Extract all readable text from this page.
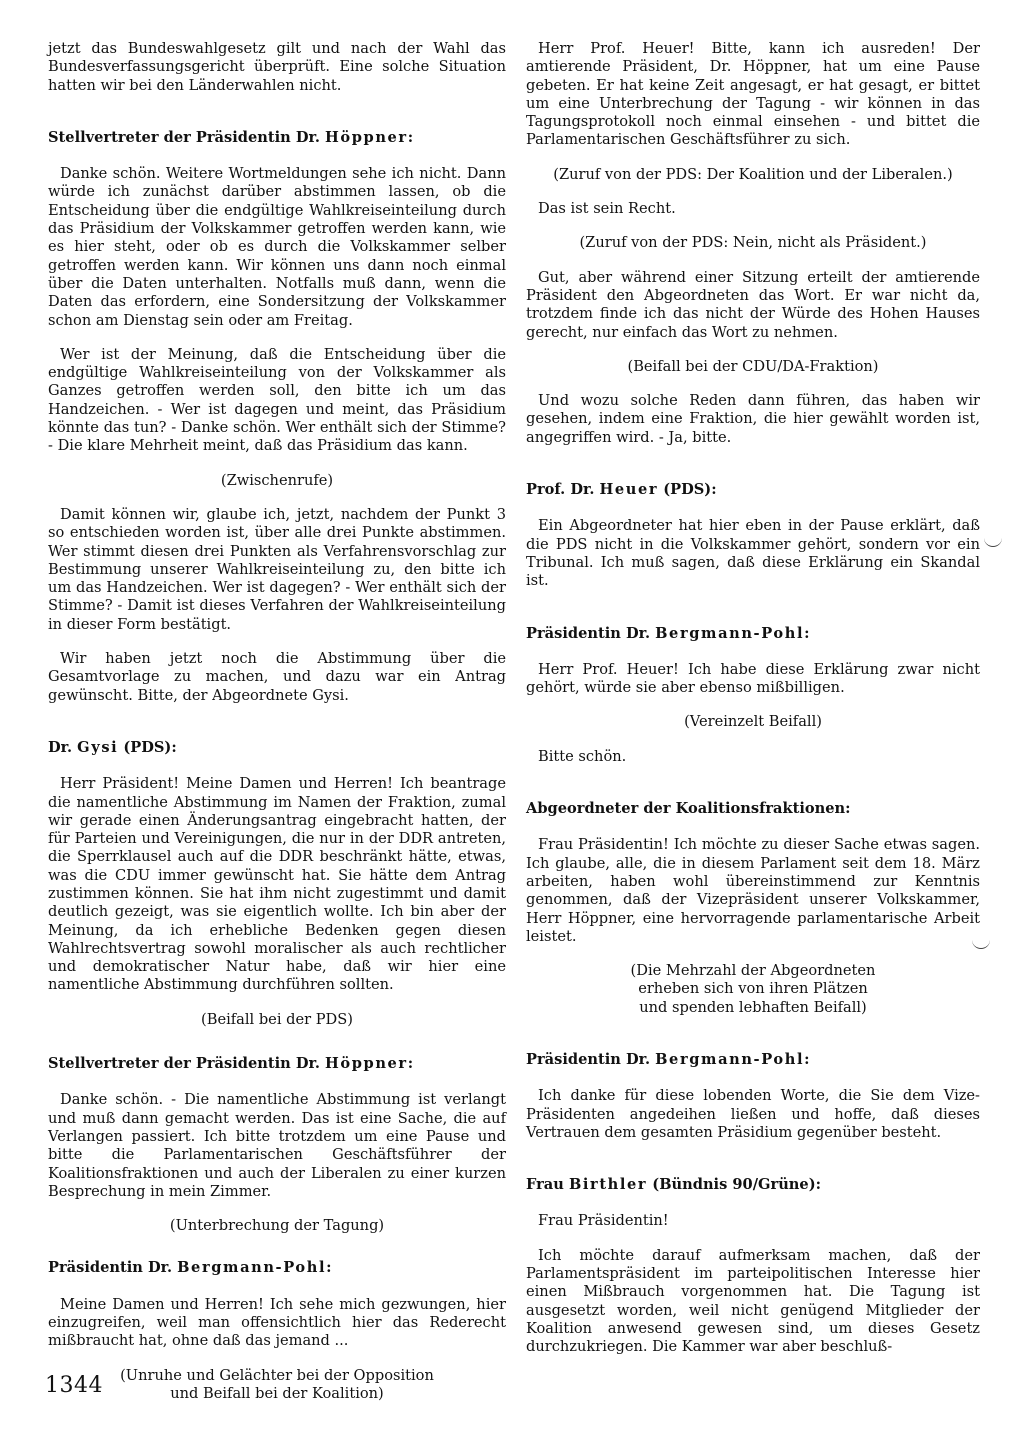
jetzt das Bundeswahlgesetz gilt und nach der Wahl das Bundesverfassungsgericht überprüft. Eine solche Situation hatten wir bei den Länderwahlen nicht.

Stellvertreter der Präsidentin Dr. Höppner:

Danke schön. Weitere Wortmeldungen sehe ich nicht. Dann würde ich zunächst darüber abstimmen lassen, ob die Entscheidung über die endgültige Wahlkreiseinteilung durch das Präsidium der Volkskammer getroffen werden kann, wie es hier steht, oder ob es durch die Volkskammer selber getroffen werden kann. Wir können uns dann noch einmal über die Daten unterhalten. Notfalls muß dann, wenn die Daten das erfordern, eine Sondersitzung der Volkskammer schon am Dienstag sein oder am Freitag.

Wer ist der Meinung, daß die Entscheidung über die endgültige Wahlkreiseinteilung von der Volkskammer als Ganzes getroffen werden soll, den bitte ich um das Handzeichen. - Wer ist dagegen und meint, das Präsidium könnte das tun? - Danke schön. Wer enthält sich der Stimme? - Die klare Mehrheit meint, daß das Präsidium das kann.

(Zwischenrufe)

Damit können wir, glaube ich, jetzt, nachdem der Punkt 3 so entschieden worden ist, über alle drei Punkte abstimmen. Wer stimmt diesen drei Punkten als Verfahrensvorschlag zur Bestimmung unserer Wahlkreiseinteilung zu, den bitte ich um das Handzeichen. Wer ist dagegen? - Wer enthält sich der Stimme? - Damit ist dieses Verfahren der Wahlkreiseinteilung in dieser Form bestätigt.

Wir haben jetzt noch die Abstimmung über die Gesamtvorlage zu machen, und dazu war ein Antrag gewünscht. Bitte, der Abgeordnete Gysi.

Dr. Gysi (PDS):

Herr Präsident! Meine Damen und Herren! Ich beantrage die namentliche Abstimmung im Namen der Fraktion, zumal wir gerade einen Änderungsantrag eingebracht hatten, der für Parteien und Vereinigungen, die nur in der DDR antreten, die Sperrklausel auch auf die DDR beschränkt hätte, etwas, was die CDU immer gewünscht hat. Sie hätte dem Antrag zustimmen können. Sie hat ihm nicht zugestimmt und damit deutlich gezeigt, was sie eigentlich wollte. Ich bin aber der Meinung, da ich erhebliche Bedenken gegen diesen Wahlrechtsvertrag sowohl moralischer als auch rechtlicher und demokratischer Natur habe, daß wir hier eine namentliche Abstimmung durchführen sollten.

(Beifall bei der PDS)

Stellvertreter der Präsidentin Dr. Höppner:

Danke schön. - Die namentliche Abstimmung ist verlangt und muß dann gemacht werden. Das ist eine Sache, die auf Verlangen passiert. Ich bitte trotzdem um eine Pause und bitte die Parlamentarischen Geschäftsführer der Koalitionsfraktionen und auch der Liberalen zu einer kurzen Besprechung in mein Zimmer.

(Unterbrechung der Tagung)

Präsidentin Dr. Bergmann-Pohl:

Meine Damen und Herren! Ich sehe mich gezwungen, hier einzugreifen, weil man offensichtlich hier das Rederecht mißbraucht hat, ohne daß das jemand ...

(Unruhe und Gelächter bei der Opposition

und Beifall bei der Koalition)

Herr Prof. Heuer! Bitte, kann ich ausreden! Der amtierende Präsident, Dr. Höppner, hat um eine Pause gebeten. Er hat keine Zeit angesagt, er hat gesagt, er bittet um eine Unterbrechung der Tagung - wir können in das Tagungsprotokoll noch einmal einsehen - und bittet die Parlamentarischen Geschäftsführer zu sich.

(Zuruf von der PDS: Der Koalition und der Liberalen.)

Das ist sein Recht.

(Zuruf von der PDS: Nein, nicht als Präsident.)

Gut, aber während einer Sitzung erteilt der amtierende Präsident den Abgeordneten das Wort. Er war nicht da, trotzdem finde ich das nicht der Würde des Hohen Hauses gerecht, nur einfach das Wort zu nehmen.

(Beifall bei der CDU/DA-Fraktion)

Und wozu solche Reden dann führen, das haben wir gesehen, indem eine Fraktion, die hier gewählt worden ist, angegriffen wird. - Ja, bitte.

Prof. Dr. Heuer (PDS):

Ein Abgeordneter hat hier eben in der Pause erklärt, daß die PDS nicht in die Volkskammer gehört, sondern vor ein Tribunal. Ich muß sagen, daß diese Erklärung ein Skandal ist.

Präsidentin Dr. Bergmann-Pohl:

Herr Prof. Heuer! Ich habe diese Erklärung zwar nicht gehört, würde sie aber ebenso mißbilligen.

(Vereinzelt Beifall)

Bitte schön.

Abgeordneter der Koalitionsfraktionen:

Frau Präsidentin! Ich möchte zu dieser Sache etwas sagen. Ich glaube, alle, die in diesem Parlament seit dem 18. März arbeiten, haben wohl übereinstimmend zur Kenntnis genommen, daß der Vizepräsident unserer Volkskammer, Herr Höppner, eine hervorragende parlamentarische Arbeit leistet.

(Die Mehrzahl der Abgeordneten

erheben sich von ihren Plätzen

und spenden lebhaften Beifall)

Präsidentin Dr. Bergmann-Pohl:

Ich danke für diese lobenden Worte, die Sie dem Vize-Präsidenten angedeihen ließen und hoffe, daß dieses Vertrauen dem gesamten Präsidium gegenüber besteht.

Frau Birthler (Bündnis 90/Grüne):

Frau Präsidentin!

Ich möchte darauf aufmerksam machen, daß der Parlamentspräsident im parteipolitischen Interesse hier einen Mißbrauch vorgenommen hat. Die Tagung ist ausgesetzt worden, weil nicht genügend Mitglieder der Koalition anwesend gewesen sind, um dieses Gesetz durchzukriegen. Die Kammer war aber beschluß-

1344
